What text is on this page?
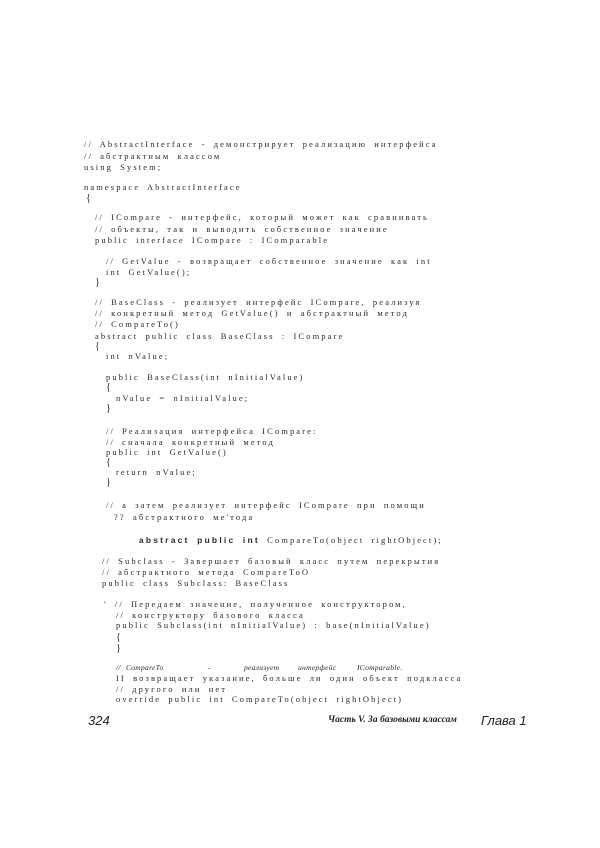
// AbstractInterface - демонстрирует реализацию интерфейса
// абстрактным классом
using System;
namespace AbstractInterface
{
// ICompare - интерфейс, который может как сравнивать
// объекты, так и выводить собственное значение
public interface ICompare : IComparable
// GetValue - возвращает собственное значение как int
int GetValue();
}
// BaseClass - реализует интерфейс ICompare, реализуя
// конкретный метод GetValue() и абстрактный метод
// CompareTo()
abstract public class BaseClass : ICompare
{
int nValue;
public BaseClass(int nInitialValue)
{
nValue = nInitialValue;
}
// Реализация интерфейса ICompare:
// сначала конкретный метод
public int GetValue()
{
return nValue;
}
// а затем реализует интерфейс ICompare при помощи
?? абстрактного ме'тода

abstract public int CompareTo(object rightObject);

// Subclass - Завершает базовый класс путем перекрытия
// абстрактного метода CompareToO
public class Subclass: BaseClass
' // Передаем значение, полученное конструктором,
// конструктору базового класса
public Subclass(int nInitialValue) : base(nInitialValue)
{
}
// CompareTo	-	реализует интерфейс	IComparable.
II возвращает указание, больше ли один объект подкласса
// другого или нет
override public int CompareTo(object rightObject)
324	Часть V. За базовыми классам Глава 1
